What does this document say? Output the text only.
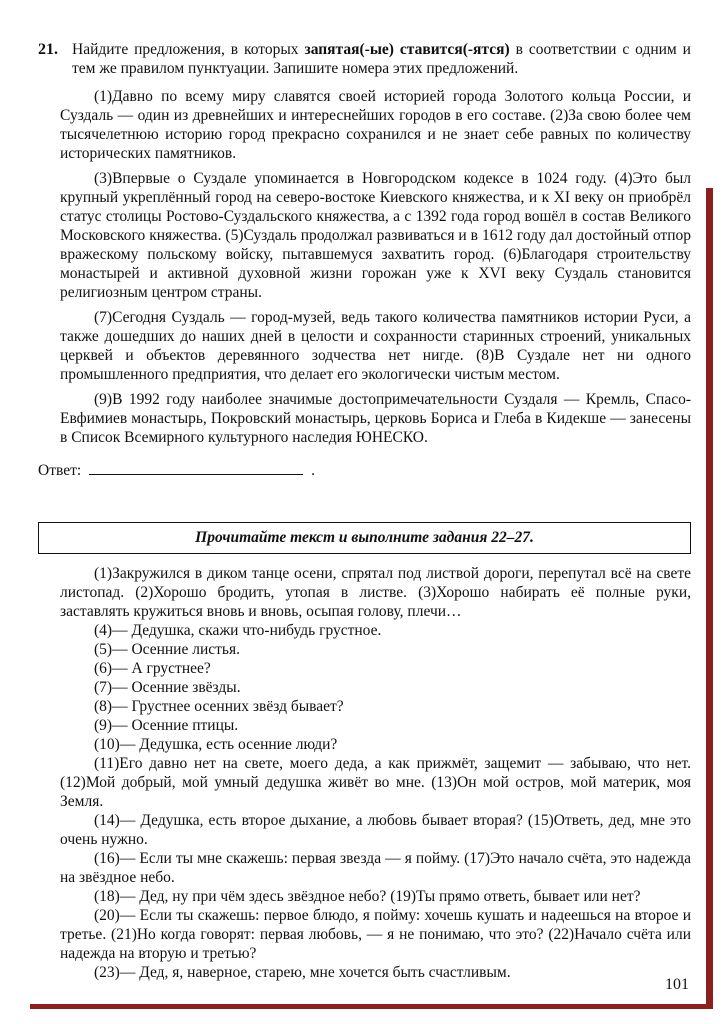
21. Найдите предложения, в которых запятая(-ые) ставится(-ятся) в соответствии с одним и тем же правилом пунктуации. Запишите номера этих предложений.

(1)Давно по всему миру славятся своей историей города Золотого кольца России, и Суздаль — один из древнейших и интереснейших городов в его составе. (2)За свою более чем тысячелетнюю историю город прекрасно сохранился и не знает себе равных по количеству исторических памятников.

(3)Впервые о Суздале упоминается в Новгородском кодексе в 1024 году. (4)Это был крупный укреплённый город на северо-востоке Киевского княжества, и к XI веку он приобрёл статус столицы Ростово-Суздальского княжества, а с 1392 года город вошёл в состав Великого Московского княжества. (5)Суздаль продолжал развиваться и в 1612 году дал достойный отпор вражескому польскому войску, пытавшемуся захватить город. (6)Благодаря строительству монастырей и активной духовной жизни горожан уже к XVI веку Суздаль становится религиозным центром страны.

(7)Сегодня Суздаль — город-музей, ведь такого количества памятников истории Руси, а также дошедших до наших дней в целости и сохранности старинных строений, уникальных церквей и объектов деревянного зодчества нет нигде. (8)В Суздале нет ни одного промышленного предприятия, что делает его экологически чистым местом.

(9)В 1992 году наиболее значимые достопримечательности Суздаля — Кремль, Спасо-Евфимиев монастырь, Покровский монастырь, церковь Бориса и Глеба в Кидекше — занесены в Список Всемирного культурного наследия ЮНЕСКО.

Ответ:	.
Прочитайте текст и выполните задания 22–27.

(1)Закружился в диком танце осени, спрятал под листвой дороги, перепутал всё на свете листопад. (2)Хорошо бродить, утопая в листве. (3)Хорошо набирать её полные руки, заставлять кружиться вновь и вновь, осыпая голову, плечи…

(4)— Дедушка, скажи что-нибудь грустное.

(5)— Осенние листья.

(6)— А грустнее?

(7)— Осенние звёзды.

(8)— Грустнее осенних звёзд бывает?

(9)— Осенние птицы.

(10)— Дедушка, есть осенние люди?

(11)Его давно нет на свете, моего деда, а как прижмёт, защемит — забываю, что нет. (12)Мой добрый, мой умный дедушка живёт во мне. (13)Он мой остров, мой материк, моя Земля.

(14)— Дедушка, есть второе дыхание, а любовь бывает вторая? (15)Ответь, дед, мне это очень нужно.

(16)— Если ты мне скажешь: первая звезда — я пойму. (17)Это начало счёта, это надежда на звёздное небо.

(18)— Дед, ну при чём здесь звёздное небо? (19)Ты прямо ответь, бывает или нет?

(20)— Если ты скажешь: первое блюдо, я пойму: хочешь кушать и надеешься на второе и третье. (21)Но когда говорят: первая любовь, — я не понимаю, что это? (22)Начало счёта или надежда на вторую и третью?

(23)— Дед, я, наверное, старею, мне хочется быть счастливым.

101
